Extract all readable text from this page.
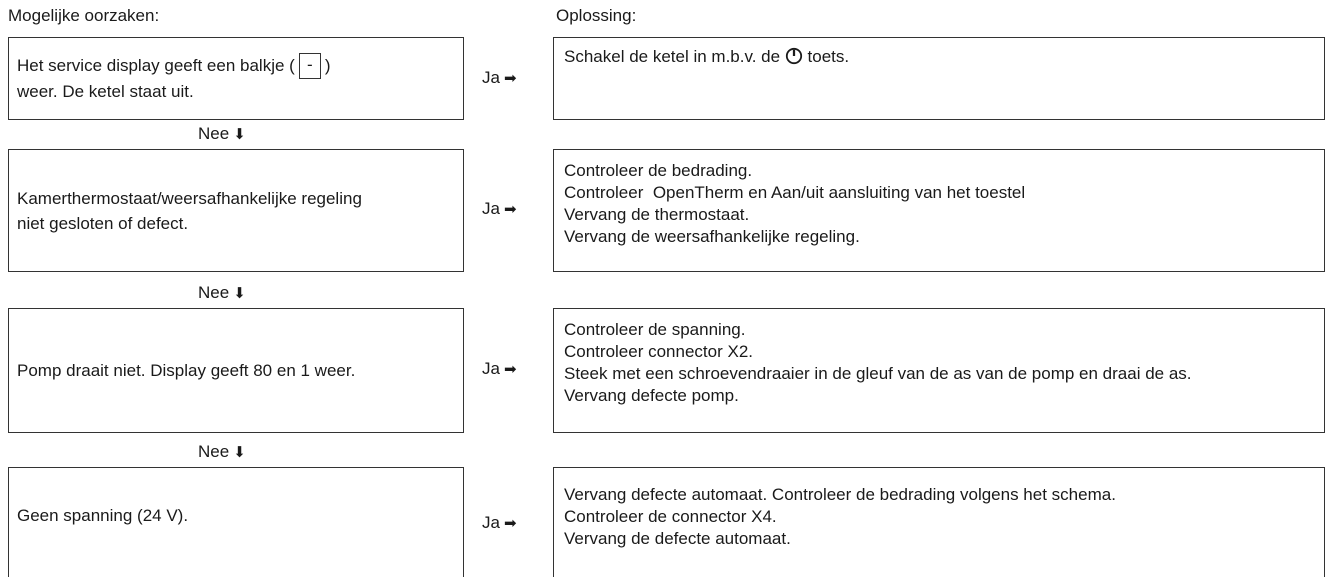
Mogelijke oorzaken:	Oplossing:
Het service display geeft een balkje ( - )
weer. De ketel staat uit.
Ja ➡
Schakel de ketel in m.b.v. de toets.
Nee ⬇
Kamerthermostaat/weersafhankelijke regeling
niet gesloten of defect.
Ja ➡
Controleer de bedrading.
Controleer  OpenTherm en Aan/uit aansluiting van het toestel
Vervang de thermostaat.
Vervang de weersafhankelijke regeling.
Nee ⬇
Pomp draait niet. Display geeft 80 en 1 weer.	Ja ➡
Controleer de spanning.
Controleer connector X2.
Steek met een schroevendraaier in de gleuf van de as van de pomp en draai de as.
Vervang defecte pomp.
Nee ⬇
Geen spanning (24 V).	Ja ➡
Vervang defecte automaat. Controleer de bedrading volgens het schema.
Controleer de connector X4.
Vervang de defecte automaat.
